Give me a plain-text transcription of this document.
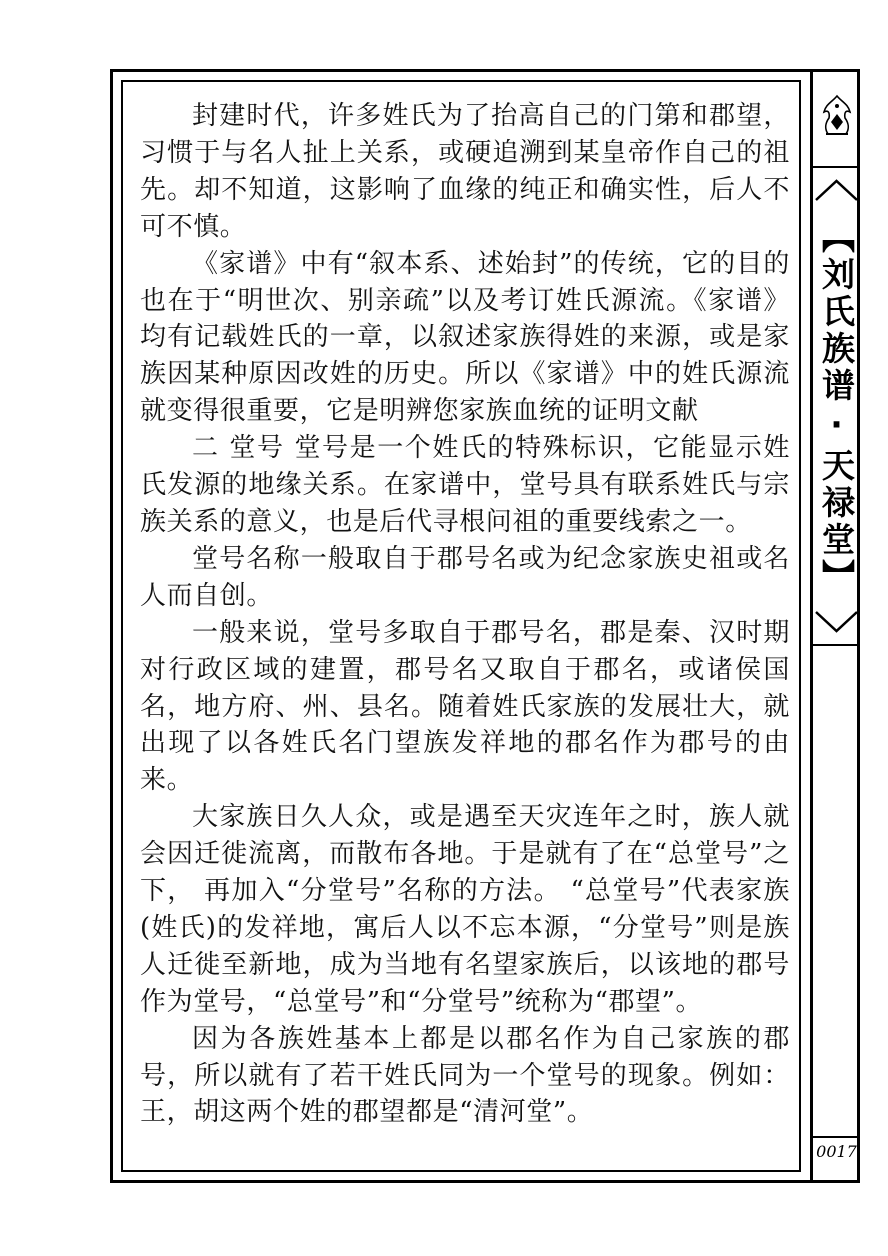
【刘氏族谱·天禄堂】
0017

封建时代，许多姓氏为了抬高自己的门第和郡望，习惯于与名人扯上关系，或硬追溯到某皇帝作自己的祖先。却不知道，这影响了血缘的纯正和确实性，后人不可不慎。

《家谱》中有“叙本系、述始封”的传统，它的目的也在于“明世次、别亲疏”以及考订姓氏源流。《家谱》均有记载姓氏的一章，以叙述家族得姓的来源，或是家族因某种原因改姓的历史。所以《家谱》中的姓氏源流就变得很重要，它是明辨您家族血统的证明文献

二 堂号 堂号是一个姓氏的特殊标识，它能显示姓氏发源的地缘关系。在家谱中，堂号具有联系姓氏与宗族关系的意义，也是后代寻根问祖的重要线索之一。

堂号名称一般取自于郡号名或为纪念家族史祖或名人而自创。

一般来说，堂号多取自于郡号名，郡是秦、汉时期对行政区域的建置，郡号名又取自于郡名，或诸侯国名，地方府、州、县名。随着姓氏家族的发展壮大，就出现了以各姓氏名门望族发祥地的郡名作为郡号的由来。

大家族日久人众，或是遇至天灾连年之时，族人就会因迁徙流离，而散布各地。于是就有了在“总堂号”之下， 再加入“分堂号”名称的方法。 “总堂号”代表家族(姓氏)的发祥地，寓后人以不忘本源，“分堂号”则是族人迁徙至新地，成为当地有名望家族后，以该地的郡号作为堂号，“总堂号”和“分堂号”统称为“郡望”。

因为各族姓基本上都是以郡名作为自己家族的郡号，所以就有了若干姓氏同为一个堂号的现象。例如：王，胡这两个姓的郡望都是“清河堂”。
